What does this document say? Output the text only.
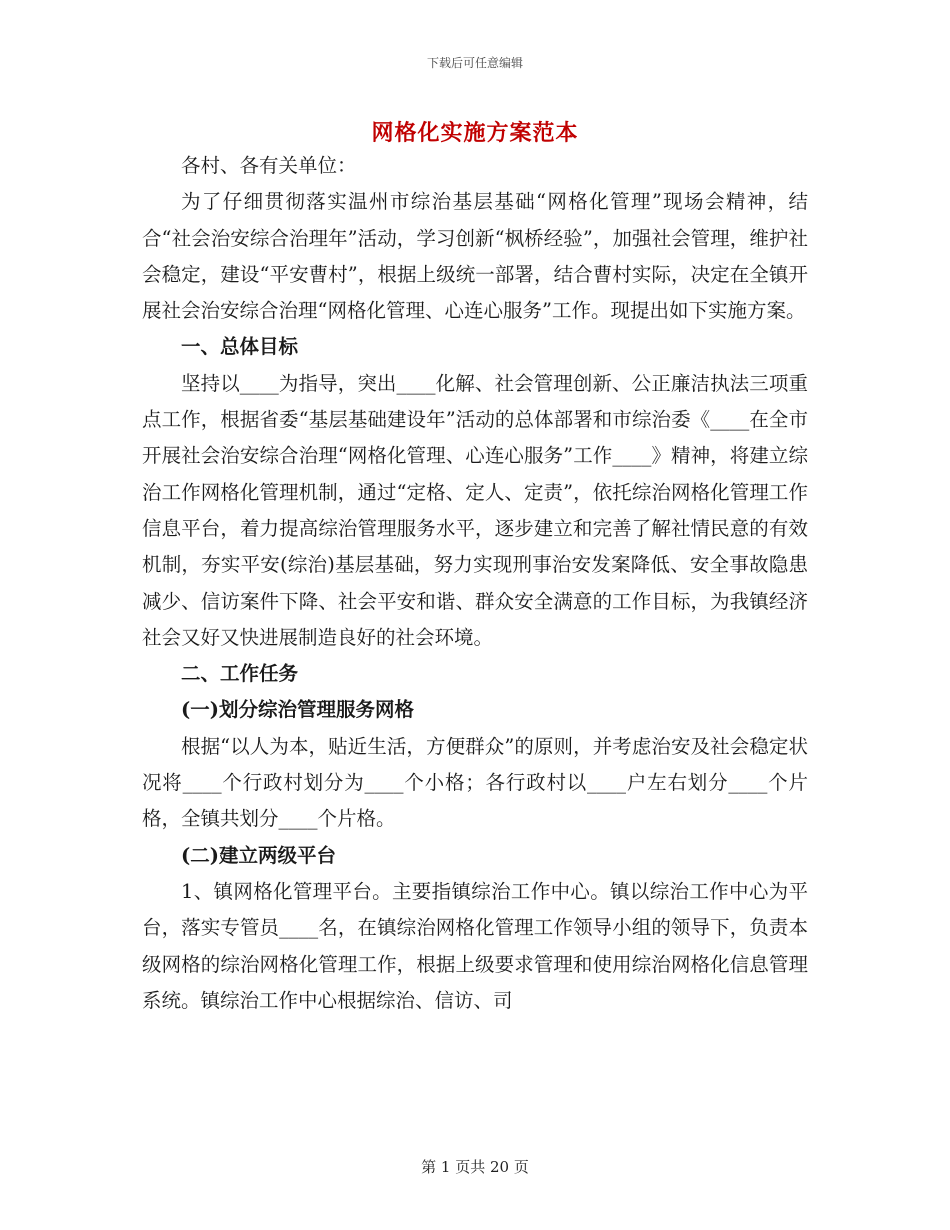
下载后可任意编辑
网格化实施方案范本

各村、各有关单位：

为了仔细贯彻落实温州市综治基层基础“网格化管理”现场会精神，结合“社会治安综合治理年”活动，学习创新“枫桥经验”，加强社会管理，维护社会稳定，建设“平安曹村”，根据上级统一部署，结合曹村实际，决定在全镇开展社会治安综合治理“网格化管理、心连心服务”工作。现提出如下实施方案。

一、总体目标

坚持以____为指导，突出____化解、社会管理创新、公正廉洁执法三项重点工作，根据省委“基层基础建设年”活动的总体部署和市综治委《____在全市开展社会治安综合治理“网格化管理、心连心服务”工作____》精神，将建立综治工作网格化管理机制，通过“定格、定人、定责”，依托综治网格化管理工作信息平台，着力提高综治管理服务水平，逐步建立和完善了解社情民意的有效机制，夯实平安(综治)基层基础，努力实现刑事治安发案降低、安全事故隐患减少、信访案件下降、社会平安和谐、群众安全满意的工作目标，为我镇经济社会又好又快进展制造良好的社会环境。

二、工作任务

(一)划分综治管理服务网格

根据“以人为本，贴近生活，方便群众”的原则，并考虑治安及社会稳定状况将____个行政村划分为____个小格；各行政村以____户左右划分____个片格，全镇共划分____个片格。

(二)建立两级平台

1、镇网格化管理平台。主要指镇综治工作中心。镇以综治工作中心为平台，落实专管员____名，在镇综治网格化管理工作领导小组的领导下，负责本级网格的综治网格化管理工作，根据上级要求管理和使用综治网格化信息管理系统。镇综治工作中心根据综治、信访、司

第 1 页共 20 页
